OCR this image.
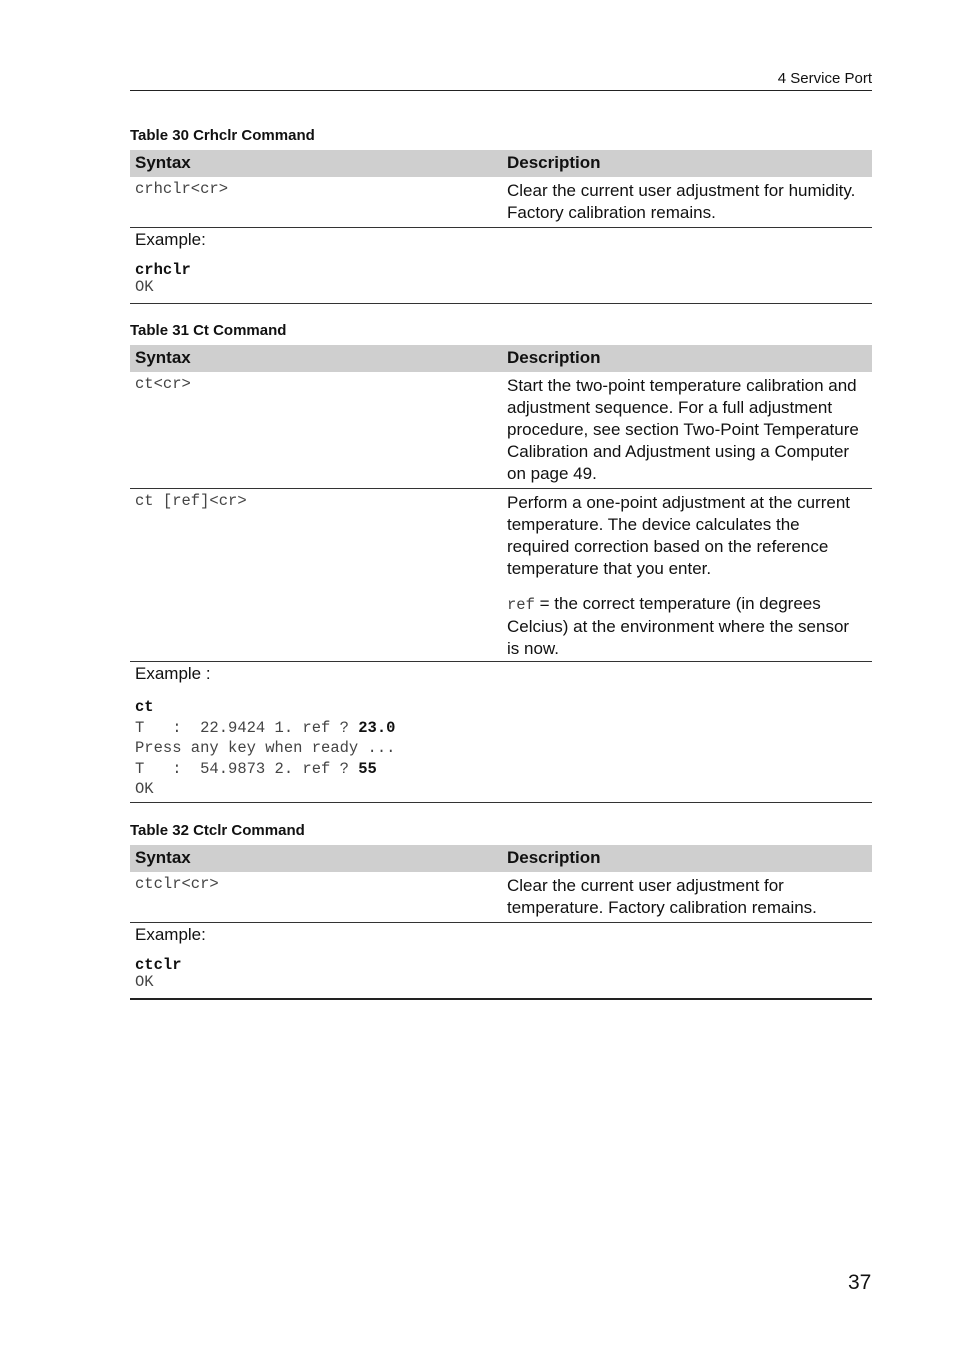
4 Service Port
Table 30 Crhclr Command
Syntax	Description
crhclr<cr>	Clear the current user adjustment for humidity. Factory calibration remains.
Example:
crhclr
OK
Table 31 Ct Command
Syntax	Description
ct<cr>	Start the two-point temperature calibration and adjustment sequence. For a full adjustment procedure, see section Two-Point Temperature Calibration and Adjustment using a Computer on page 49.
ct [ref]<cr>	Perform a one-point adjustment at the current temperature. The device calculates the required correction based on the reference temperature that you enter.

ref = the correct temperature (in degrees Celcius) at the environment where the sensor is now.

Example :
ct
T   :  22.9424 1. ref ? 23.0
Press any key when ready ...
T   :  54.9873 2. ref ? 55
OK
Table 32 Ctclr Command
Syntax	Description
ctclr<cr>	Clear the current user adjustment for temperature. Factory calibration remains.
Example:
ctclr
OK
37
